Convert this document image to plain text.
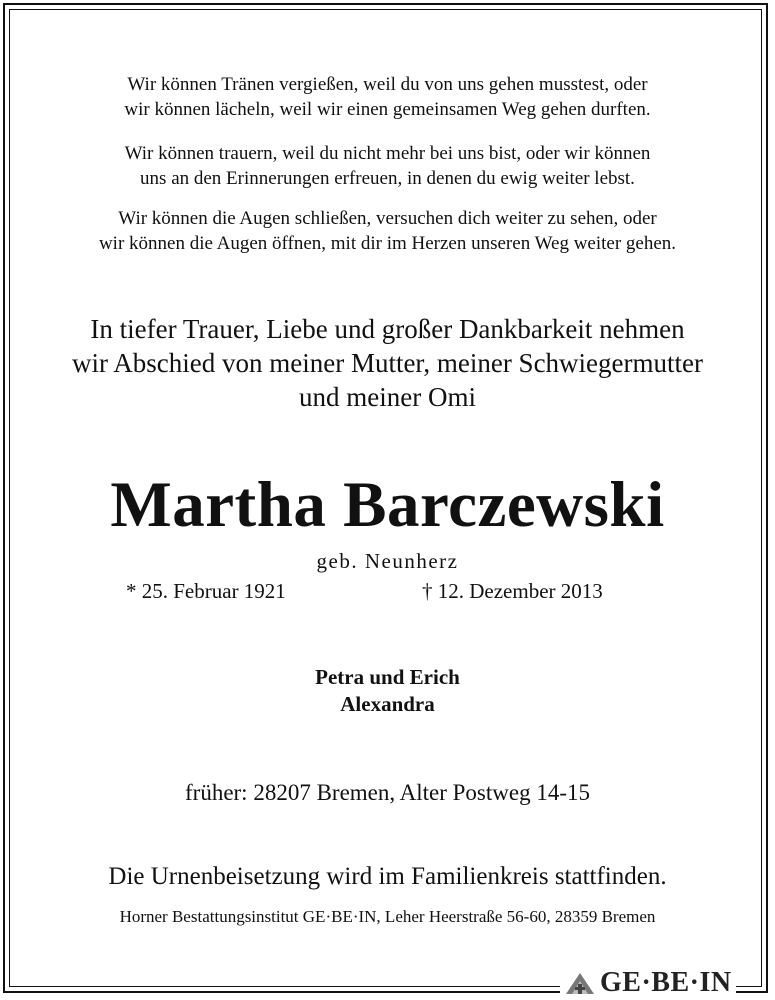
Wir können Tränen vergießen, weil du von uns gehen musstest, oder
wir können lächeln, weil wir einen gemeinsamen Weg gehen durften.
Wir können trauern, weil du nicht mehr bei uns bist, oder wir können
uns an den Erinnerungen erfreuen, in denen du ewig weiter lebst.
Wir können die Augen schließen, versuchen dich weiter zu sehen, oder
wir können die Augen öffnen, mit dir im Herzen unseren Weg weiter gehen.
In tiefer Trauer, Liebe und großer Dankbarkeit nehmen
wir Abschied von meiner Mutter, meiner Schwiegermutter
und meiner Omi
Martha Barczewski
geb. Neunherz
* 25. Februar 1921	† 12. Dezember 2013
Petra und Erich
Alexandra
früher: 28207 Bremen, Alter Postweg 14-15
Die Urnenbeisetzung wird im Familienkreis stattfinden.
Horner Bestattungsinstitut GE·BE·IN, Leher Heerstraße 56-60, 28359 Bremen
GE·BE·IN
